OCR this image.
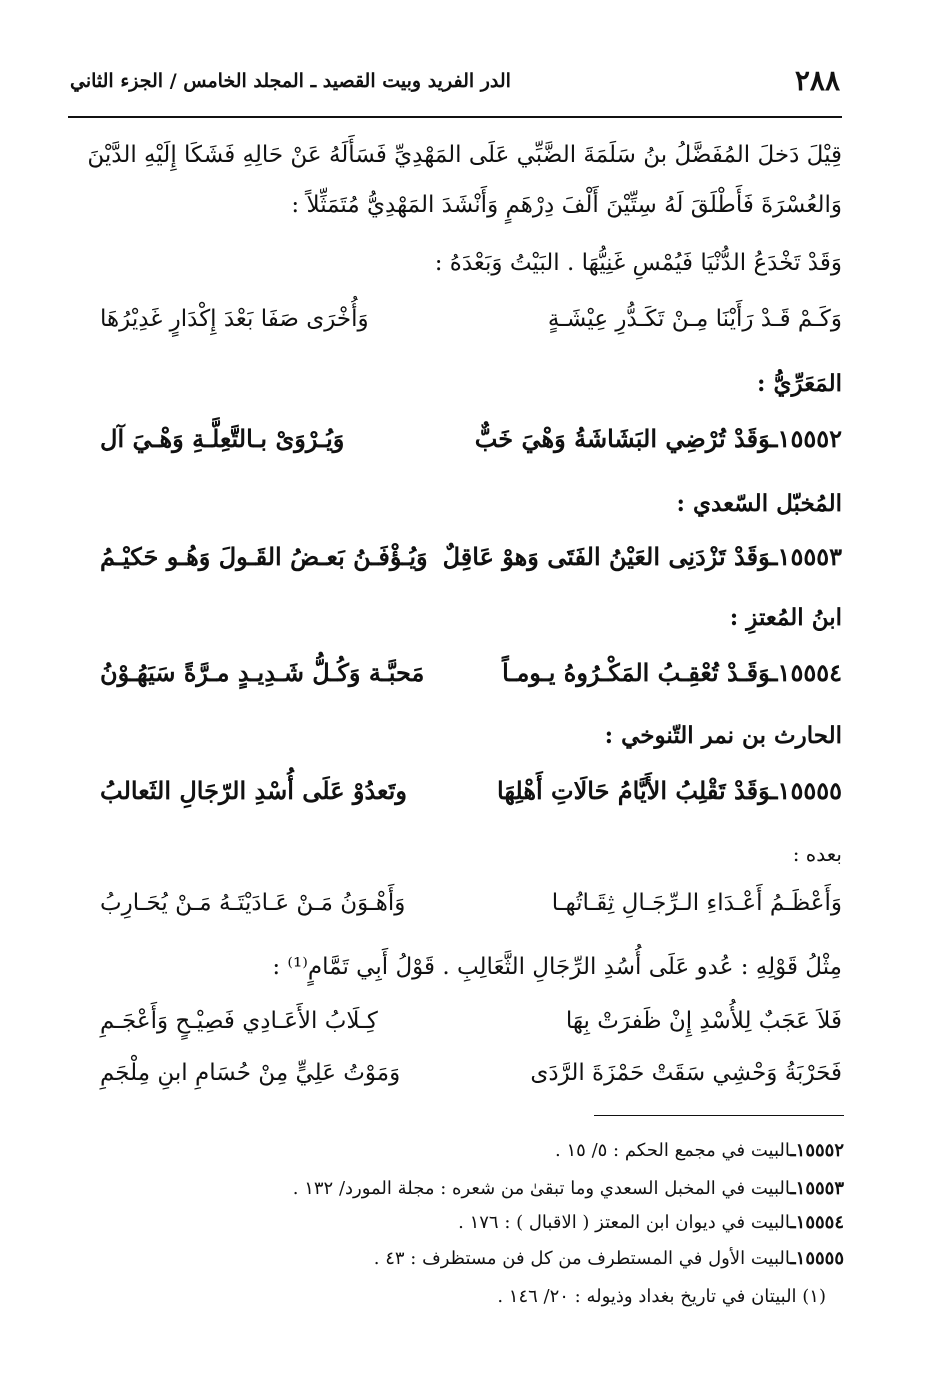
٢٨٨
الدر الفريد وبيت القصيد ـ المجلد الخامس / الجزء الثاني
قِيْلَ دَخلَ المُفَضَّلُ بنُ سَلَمَةَ الضَّبِّي عَلَى المَهْدِيِّ فَسَأَلَهُ عَنْ حَالِهِ فَشَكَا إِلَيْهِ الدَّيْنَ
وَالعُسْرَةَ فَأَطْلَقَ لَهُ سِتِّيْنَ أَلْفَ دِرْهَمٍ وَأَنْشَدَ المَهْدِيُّ مُتَمَثِّلاً :
وَقَدْ تَخْدَعُ الدُّنْيَا فَيُمْسِ غَنِيُّهَا . البَيْتُ وَبَعْدَهُ :
وَكَـمْ قَـدْ رَأَيْنَا مِـنْ تَكَـدُّرِ عِيْشَـةٍ
وَأُخْرَى صَفَا بَعْدَ إِكْدَارٍ غَدِيْرُهَا
المَعَرِّيُّ :
١٥٥٥٢ـوَقَدْ تُرْضِي البَشَاشَةُ وَهْيَ خَبٌّ
وَيُـرْوَىْ بـالتَّعِلَّـةِ وَهْـيَ آل
المُخبّل السّعدي :
١٥٥٥٣ـوَقَدْ تَزْدَنِى العَيْنُ الفَتَى وَهوْ عَاقِلٌ
وَيُـؤْفَـنُ بَعـضُ القَـولَ وَهُـو حَكيْـمُ
ابنُ المُعتزِ :
١٥٥٥٤ـوَقَـدْ تُعْقِـبُ المَكْـرُوهُ يـومـاً
مَحبَّـة وَكُـلُّ شَـدِيـدٍ مـرَّةً سَيَهُـوْنُ
الحارث بن نمر التّنوخي :
١٥٥٥٥ـوَقَدْ تَقْلِبُ الأَيَّامُ حَالَاتِ أَهْلِهَا
وتَعدُوْ عَلَى أُسْدِ الرّجَالِ الثَعالبُ
بعده :
وَأَعْظَـمُ أَعْـدَاءِ الـرِّجَـالِ ثِقَـاتُهـا
وَأَهْـوَنُ مَـنْ عَـادَيْتَـهُ مَـنْ يُحَـارِبُ
مِثْلُ قَوْلِهِ : عُدو عَلَى أُسُدِ الرِّجَالِ الثَّعَالِبِ . قَوْلُ أَبِي تَمَّامٍ⁽¹⁾ :
فَلاَ عَجَبٌ لِلأُسْدِ إِنْ ظَفرَتْ بِهَا
كِـلَابُ الأَعَـادِي فَصِيْـحٍ وَأَعْجَـمِ
فَحَرْبَةُ وَحْشِي سَقَتْ حَمْزَةَ الرَّدَى
وَمَوْتُ عَلِيٍّ مِنْ حُسَامِ ابنِ مِلْجَمِ
١٥٥٥٢ـالبيت في مجمع الحكم : ٥/ ١٥ .
١٥٥٥٣ـالبيت في المخبل السعدي وما تبقىٰ من شعره : مجلة المورد/ ١٣٢ .
١٥٥٥٤ـالبيت في ديوان ابن المعتز ( الاقبال ) : ١٧٦ .
١٥٥٥٥ـالبيت الأول في المستطرف من كل فن مستظرف : ٤٣ .
(١) البيتان في تاريخ بغداد وذيوله : ٢٠/ ١٤٦ .
